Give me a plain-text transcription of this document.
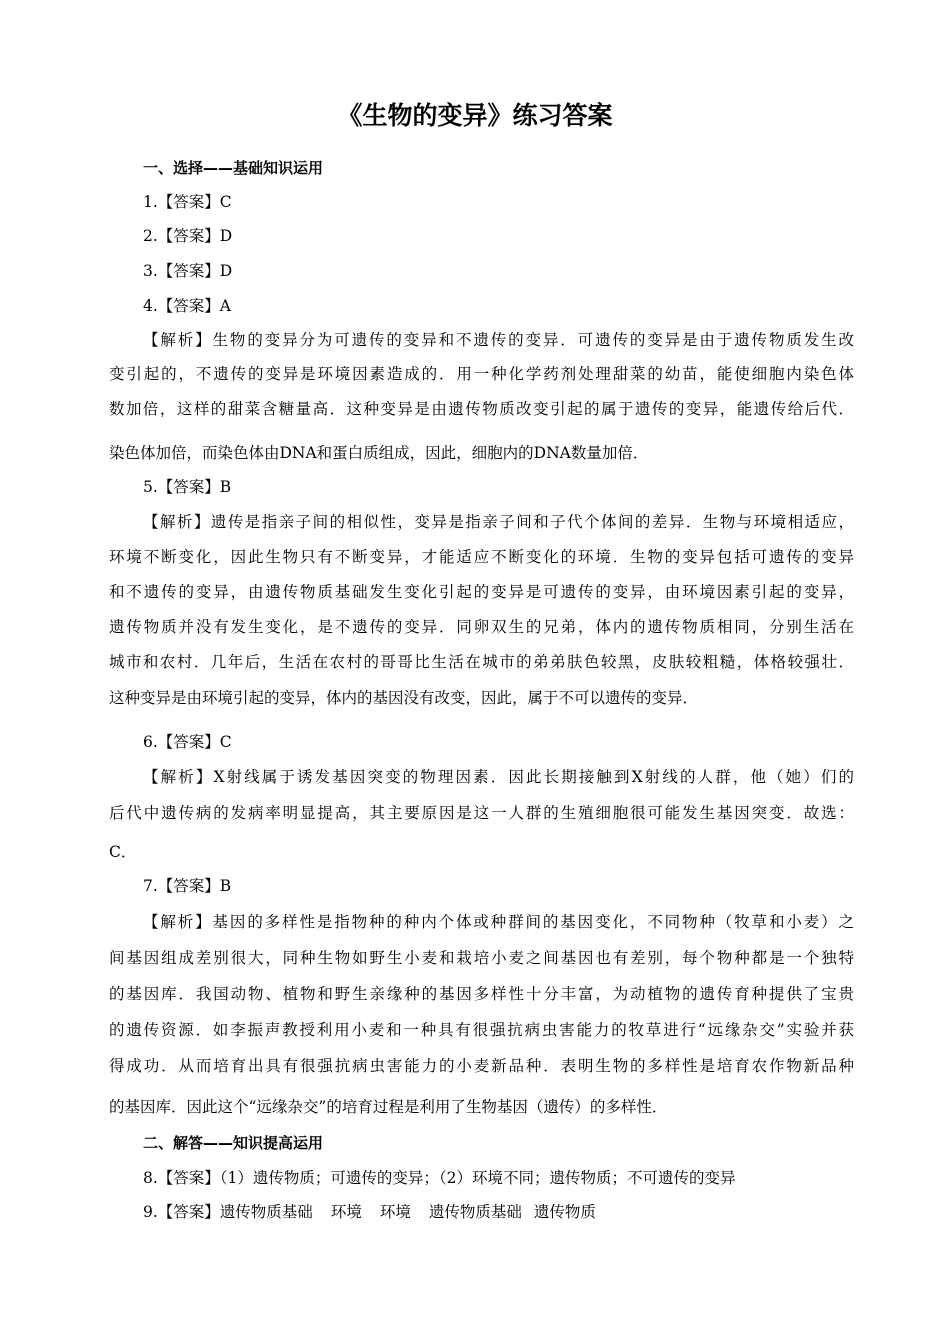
《生物的变异》练习答案
一、选择——基础知识运用
1.【答案】C
2.【答案】D
3.【答案】D
4.【答案】A
【解析】生物的变异分为可遗传的变异和不遗传的变异．可遗传的变异是由于遗传物质发生改
变引起的，不遗传的变异是环境因素造成的．用一种化学药剂处理甜菜的幼苗，能使细胞内染色体
数加倍，这样的甜菜含糖量高．这种变异是由遗传物质改变引起的属于遗传的变异，能遗传给后代．
染色体加倍，而染色体由DNA和蛋白质组成，因此，细胞内的DNA数量加倍．
5.【答案】B
【解析】遗传是指亲子间的相似性，变异是指亲子间和子代个体间的差异．生物与环境相适应，
环境不断变化，因此生物只有不断变异，才能适应不断变化的环境．生物的变异包括可遗传的变异
和不遗传的变异，由遗传物质基础发生变化引起的变异是可遗传的变异，由环境因素引起的变异，
遗传物质并没有发生变化，是不遗传的变异．同卵双生的兄弟，体内的遗传物质相同，分别生活在
城市和农村．几年后，生活在农村的哥哥比生活在城市的弟弟肤色较黑，皮肤较粗糙，体格较强壮．
这种变异是由环境引起的变异，体内的基因没有改变，因此，属于不可以遗传的变异．
6.【答案】C
【解析】X射线属于诱发基因突变的物理因素．因此长期接触到X射线的人群，他（她）们的
后代中遗传病的发病率明显提高，其主要原因是这一人群的生殖细胞很可能发生基因突变．故选：
C．
7.【答案】B
【解析】基因的多样性是指物种的种内个体或种群间的基因变化，不同物种（牧草和小麦）之
间基因组成差别很大，同种生物如野生小麦和栽培小麦之间基因也有差别，每个物种都是一个独特
的基因库．我国动物、植物和野生亲缘种的基因多样性十分丰富，为动植物的遗传育种提供了宝贵
的遗传资源．如李振声教授利用小麦和一种具有很强抗病虫害能力的牧草进行“远缘杂交”实验并获
得成功．从而培育出具有很强抗病虫害能力的小麦新品种．表明生物的多样性是培育农作物新品种
的基因库．因此这个“远缘杂交”的培育过程是利用了生物基因（遗传）的多样性．
二、解答——知识提高运用
8.【答案】（1）遗传物质；可遗传的变异；（2）环境不同；遗传物质；不可遗传的变异
9.【答案】遗传物质基础 环境 环境 遗传物质基础 遗传物质
